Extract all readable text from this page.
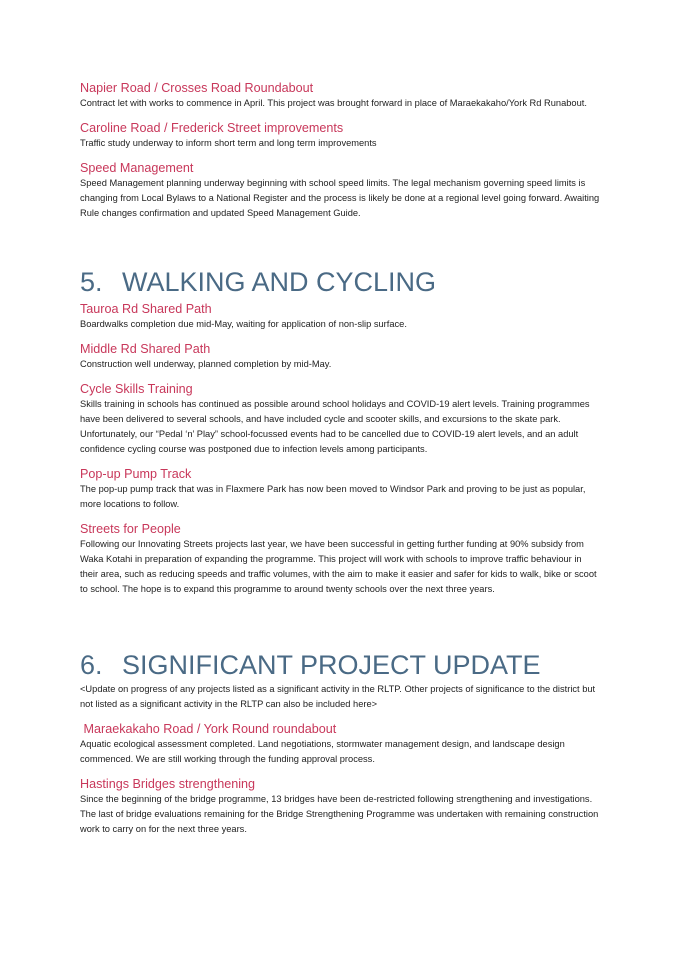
Napier Road / Crosses Road Roundabout

Contract let with works to commence in April. This project was brought forward in place of Maraekakaho/York Rd Runabout.

Caroline Road / Frederick Street improvements

Traffic study underway to inform short term and long term improvements

Speed Management

Speed Management planning underway beginning with school speed limits. The legal mechanism governing speed limits is changing from Local Bylaws to a National Register and the process is likely be done at a regional level going forward. Awaiting Rule changes confirmation and updated Speed Management Guide.

5. WALKING AND CYCLING
Tauroa Rd Shared Path

Boardwalks completion due mid-May, waiting for application of non-slip surface.

Middle Rd Shared Path

Construction well underway, planned completion by mid-May.

Cycle Skills Training

Skills training in schools has continued as possible around school holidays and COVID-19 alert levels. Training programmes have been delivered to several schools, and have included cycle and scooter skills, and excursions to the skate park. Unfortunately, our “Pedal ‘n’ Play” school-focussed events had to be cancelled due to COVID-19 alert levels, and an adult confidence cycling course was postponed due to infection levels among participants.

Pop-up Pump Track

The pop-up pump track that was in Flaxmere Park has now been moved to Windsor Park and proving to be just as popular, more locations to follow.

Streets for People

Following our Innovating Streets projects last year, we have been successful in getting further funding at 90% subsidy from Waka Kotahi in preparation of expanding the programme. This project will work with schools to improve traffic behaviour in their area, such as reducing speeds and traffic volumes, with the aim to make it easier and safer for kids to walk, bike or scoot to school. The hope is to expand this programme to around twenty schools over the next three years.

6. SIGNIFICANT PROJECT UPDATE

<Update on progress of any projects listed as a significant activity in the RLTP. Other projects of significance to the district but not listed as a significant activity in the RLTP can also be included here>

Maraekakaho Road / York Round roundabout

Aquatic ecological assessment completed. Land negotiations, stormwater management design, and landscape design commenced. We are still working through the funding approval process.

Hastings Bridges strengthening

Since the beginning of the bridge programme, 13 bridges have been de-restricted following strengthening and investigations. The last of bridge evaluations remaining for the Bridge Strengthening Programme was undertaken with remaining construction work to carry on for the next three years.
